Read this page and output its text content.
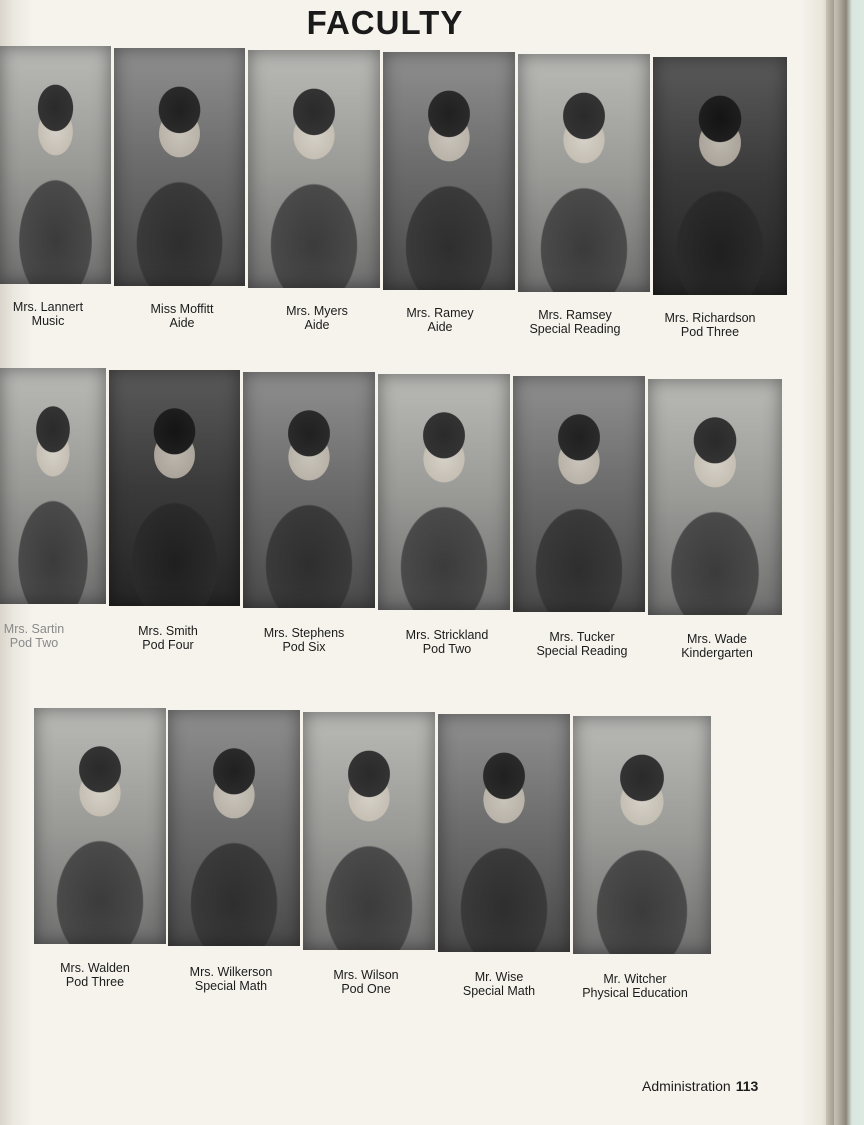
FACULTY
Mrs. Lannert
Music
Miss Moffitt
Aide
Mrs. Myers
Aide
Mrs. Ramey
Aide
Mrs. Ramsey
Special Reading
Mrs. Richardson
Pod Three
Mrs. Sartin
Pod Two
Mrs. Smith
Pod Four
Mrs. Stephens
Pod Six
Mrs. Strickland
Pod Two
Mrs. Tucker
Special Reading
Mrs. Wade
Kindergarten
Mrs. Walden
Pod Three
Mrs. Wilkerson
Special Math
Mrs. Wilson
Pod One
Mr. Wise
Special Math
Mr. Witcher
Physical Education
Administration 113
